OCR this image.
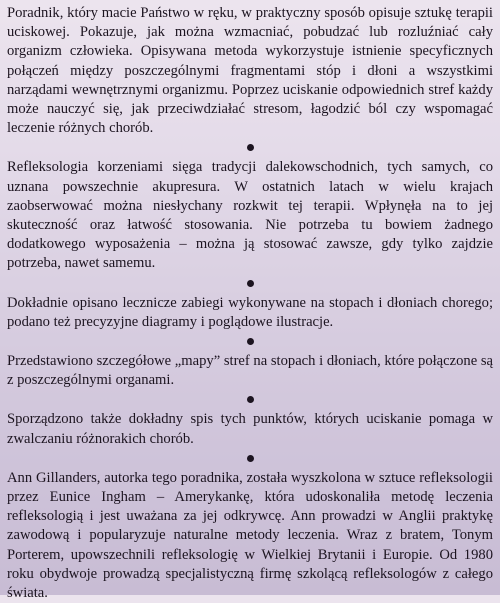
Poradnik, który macie Państwo w ręku, w praktyczny sposób opisuje sztukę terapii uciskowej. Pokazuje, jak można wzmacniać, pobudzać lub rozluźniać cały organizm człowieka. Opisywana metoda wykorzystuje istnienie specyficznych połączeń między poszczególnymi fragmentami stóp i dłoni a wszystkimi narządami wewnętrznymi organizmu. Poprzez uciskanie odpowiednich stref każdy może nauczyć się, jak przeciwdziałać stresom, łagodzić ból czy wspomagać leczenie różnych chorób.

Refleksologia korzeniami sięga tradycji dalekowschodnich, tych samych, co uznana powszechnie akupresura. W ostatnich latach w wielu krajach zaobserwować można niesłychany rozkwit tej terapii. Wpłynęła na to jej skuteczność oraz łatwość stosowania. Nie potrzeba tu bowiem żadnego dodatkowego wyposażenia – można ją stosować zawsze, gdy tylko zajdzie potrzeba, nawet samemu.

Dokładnie opisano lecznicze zabiegi wykonywane na stopach i dłoniach chorego; podano też precyzyjne diagramy i poglądowe ilustracje.

Przedstawiono szczegółowe „mapy” stref na stopach i dłoniach, które połączone są z poszczególnymi organami.

Sporządzono także dokładny spis tych punktów, których uciskanie pomaga w zwalczaniu różnorakich chorób.

Ann Gillanders, autorka tego poradnika, została wyszkolona w sztuce refleksologii przez Eunice Ingham – Amerykankę, która udoskonaliła metodę leczenia refleksologią i jest uważana za jej odkrywcę. Ann prowadzi w Anglii praktykę zawodową i popularyzuje naturalne metody leczenia. Wraz z bratem, Tonym Porterem, upowszechnili refleksologię w Wielkiej Brytanii i Europie. Od 1980 roku obydwoje prowadzą specjalistyczną firmę szkolącą refleksologów z całego świata.
